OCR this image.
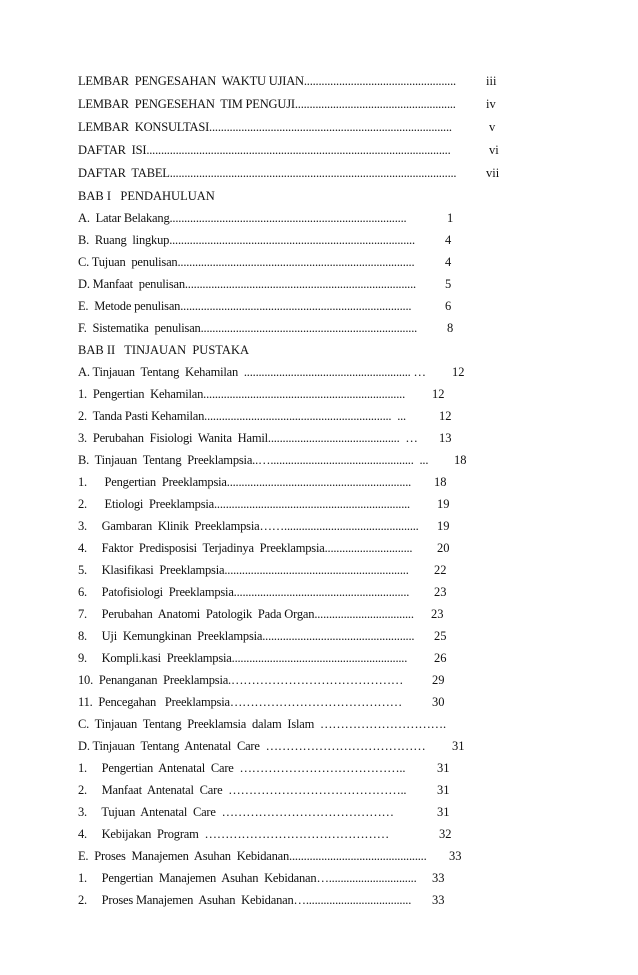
LEMBAR  PENGESAHAN  WAKTU UJIAN.................................................... iii
LEMBAR  PENGESEHAN  TIM PENGUJI....................................................... iv
LEMBAR  KONSULTASI...................................................................................	v
DAFTAR  ISI........................................................................................................	vi
DAFTAR  TABEL.................................................................................................. vii
BAB I   PENDAHULUAN
A.  Latar Belakang.................................................................................	1
B.  Ruang  lingkup.................................................................................... 4
C. Tujuan  penulisan................................................................................. 4
D. Manfaat  penulisan............................................................................... 5
E.  Metode penulisan...............................................................................	6
F.  Sistematika  penulisan.......................................................................... 8
BAB II   TINJAUAN  PUSTAKA
A. Tinjauan  Tentang  Kehamilan  ......................................................... … 12
1.  Pengertian  Kehamilan..................................................................... 12
2.  Tanda Pasti Kehamilan................................................................  ...	12
3.  Perubahan  Fisiologi  Wanita  Hamil.............................................  … 13
B.  Tinjauan  Tentang  Preeklampsia..….................................................  ... 18
1.      Pengertian  Preeklampsia............................................................... 18
2.      Etiologi  Preeklampsia................................................................... 19
3.     Gambaran  Klinik  Preeklampsia…….............................................. 19
4.     Faktor  Predisposisi  Terjadinya  Preeklampsia.............................. 20
5.     Klasifikasi  Preeklampsia............................................................... 22
6.     Patofisiologi  Preeklampsia............................................................ 23
7.     Perubahan  Anatomi  Patologik  Pada Organ.................................. 23
8.     Uji  Kemungkinan  Preeklampsia.................................................... 25
9.     Kompli.kasi  Preeklampsia............................................................ 26
10.  Penanganan  Preeklampsia.…………………………………… 29
11.  Pencegahan   Preeklampsia…………………………………… 30
C.  Tinjauan  Tentang  Preeklamsia  dalam  Islam  ………………………….
D. Tinjauan  Tentang  Antenatal  Care  ………………………………… 31
1.     Pengertian  Antenatal  Care  …………………………………..	31
2.     Manfaat  Antenatal  Care  …………………………………….. 31
3.     Tujuan  Antenatal  Care  ……………………………………	31
4.     Kebijakan  Program  ………………………………………	32
E.  Proses  Manajemen  Asuhan  Kebidanan............................................... 33
1.     Pengertian  Manajemen  Asuhan  Kebidanan….............................. 33
2.     Proses Manajemen  Asuhan  Kebidanan….................................... 33
